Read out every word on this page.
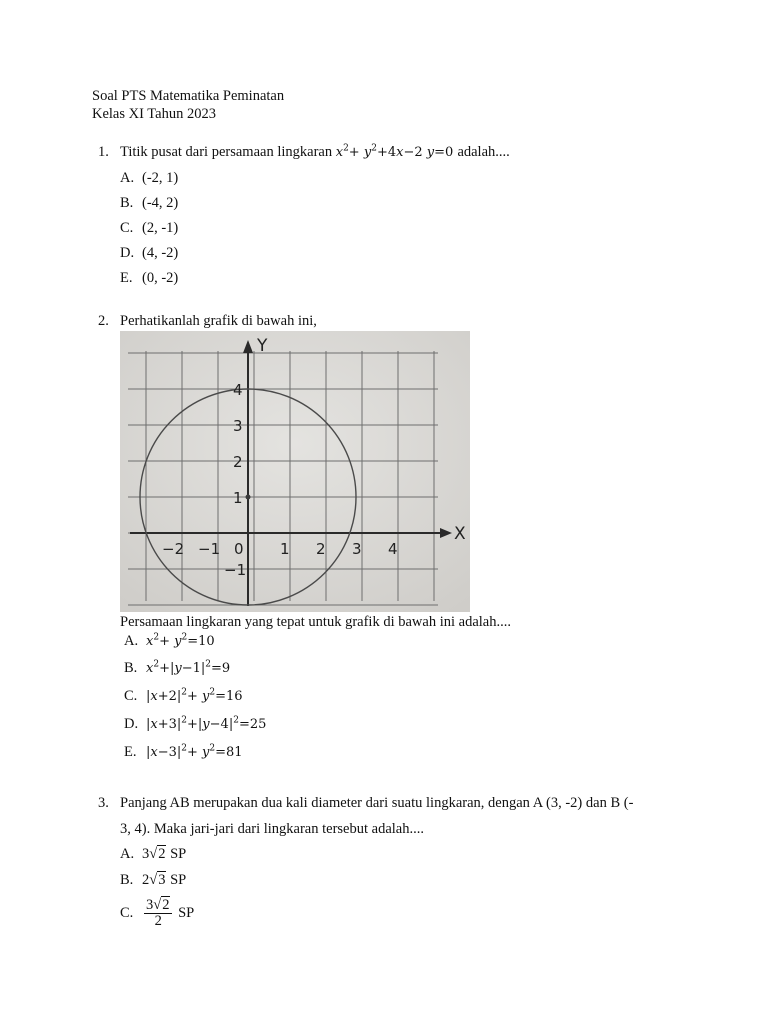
Soal PTS Matematika Peminatan
Kelas XI Tahun 2023
1. Titik pusat dari persamaan lingkaran $x^2+ y^2+4x-2$ y=0 adalah....
A. (-2, 1)
B. (-4, 2)
C. (2, -1)
D. (4, -2)
E. (0, -2)
2. Perhatikanlah grafik di bawah ini,
−2 −1 0 1 2 3 4
4
3
2
1
−1
Y
X
Persamaan lingkaran yang tepat untuk grafik di bawah ini adalah....
A. $x^2+ y^2=10$
B. $x^2+|y-1|^2=9$
C. $|x+2|^2+ y^2=16$
D. $|x+3|^2+|y-4|^2=25$
E. $|x-3|^2+ y^2=81$
3. Panjang AB merupakan dua kali diameter dari suatu lingkaran, dengan A (3, -2) dan B (-
3, 4). Maka jari-jari dari lingkaran tersebut adalah....
A. 3√2 SP
B. 2√3 SP
C. $\frac{3√2}{2}$ SP
